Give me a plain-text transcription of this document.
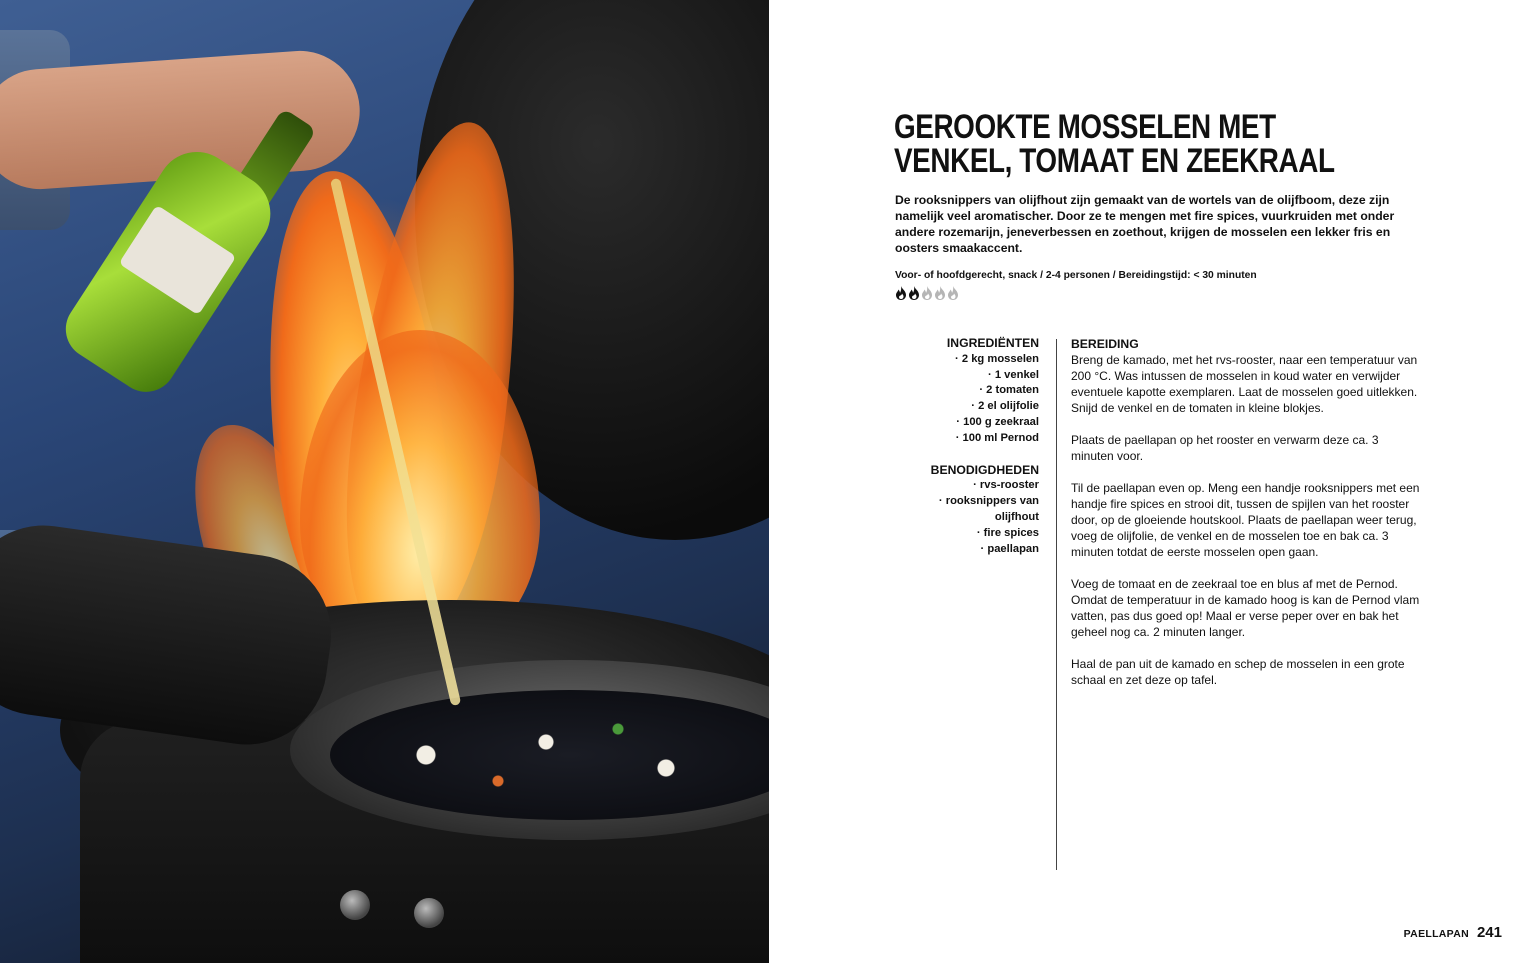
GEROOKTE MOSSELEN MET
VENKEL, TOMAAT EN ZEEKRAAL

De rooksnippers van olijfhout zijn gemaakt van de wortels van de olijfboom, deze zijn namelijk veel aromatischer. Door ze te mengen met fire spices, vuurkruiden met onder andere rozemarijn, jeneverbessen en zoethout, krijgen de mosselen een lekker fris en oosters smaakaccent.

Voor- of hoofdgerecht, snack / 2-4 personen / Bereidingstijd: < 30 minuten
INGREDIËNTEN
· 2 kg mosselen
· 1 venkel
· 2 tomaten
· 2 el olijfolie
· 100 g zeekraal
· 100 ml Pernod
BENODIGDHEDEN
· rvs-rooster
· rooksnippers van
olijfhout
· fire spices
· paellapan
BEREIDING

Breng de kamado, met het rvs-rooster, naar een temperatuur van 200 °C. Was intussen de mosselen in koud water en verwijder eventuele kapotte exemplaren. Laat de mosselen goed uitlekken. Snijd de venkel en de tomaten in kleine blokjes.

Plaats de paellapan op het rooster en verwarm deze ca. 3 minuten voor.

Til de paellapan even op. Meng een handje rooksnippers met een handje fire spices en strooi dit, tussen de spijlen van het rooster door, op de gloeiende houtskool. Plaats de paellapan weer terug, voeg de olijfolie, de venkel en de mosselen toe en bak ca. 3 minuten totdat de eerste mosselen open gaan.

Voeg de tomaat en de zeekraal toe en blus af met de Pernod. Omdat de temperatuur in de kamado hoog is kan de Pernod vlam vatten, pas dus goed op! Maal er verse peper over en bak het geheel nog ca. 2 minuten langer.

Haal de pan uit de kamado en schep de mosselen in een grote schaal en zet deze op tafel.

PAELLAPAN 241
